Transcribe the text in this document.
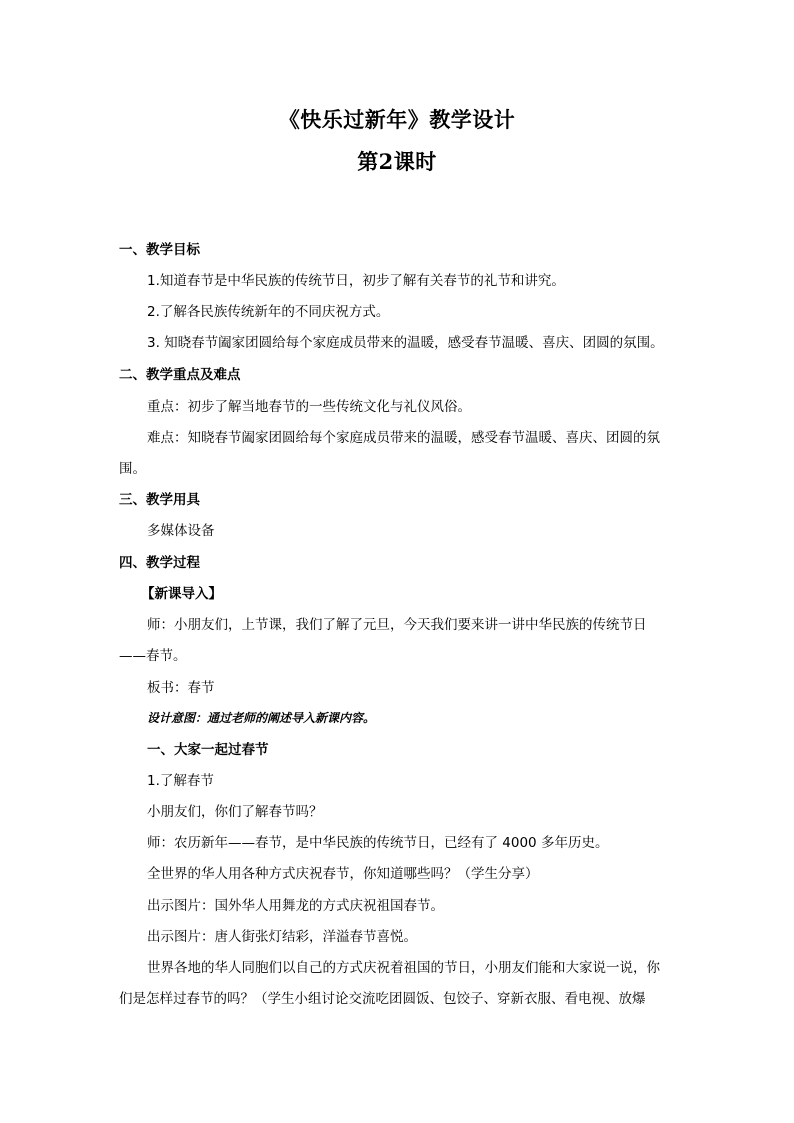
《快乐过新年》教学设计
第2课时
一、教学目标
1.知道春节是中华民族的传统节日，初步了解有关春节的礼节和讲究。
2.了解各民族传统新年的不同庆祝方式。
3. 知晓春节阖家团圆给每个家庭成员带来的温暖，感受春节温暖、喜庆、团圆的氛围。
二、教学重点及难点
重点：初步了解当地春节的一些传统文化与礼仪风俗。
难点：知晓春节阖家团圆给每个家庭成员带来的温暖，感受春节温暖、喜庆、团圆的氛
围。
三、教学用具
多媒体设备
四、教学过程
【新课导入】
师：小朋友们，上节课，我们了解了元旦，今天我们要来讲一讲中华民族的传统节日
——春节。
板书：春节
设计意图：通过老师的阐述导入新课内容。
一、大家一起过春节
1.了解春节
小朋友们，你们了解春节吗？
师：农历新年——春节，是中华民族的传统节日，已经有了 4000 多年历史。
全世界的华人用各种方式庆祝春节，你知道哪些吗？（学生分享）
出示图片：国外华人用舞龙的方式庆祝祖国春节。
出示图片：唐人街张灯结彩，洋溢春节喜悦。
世界各地的华人同胞们以自己的方式庆祝着祖国的节日，小朋友们能和大家说一说，你
们是怎样过春节的吗？（学生小组讨论交流吃团圆饭、包饺子、穿新衣服、看电视、放爆
